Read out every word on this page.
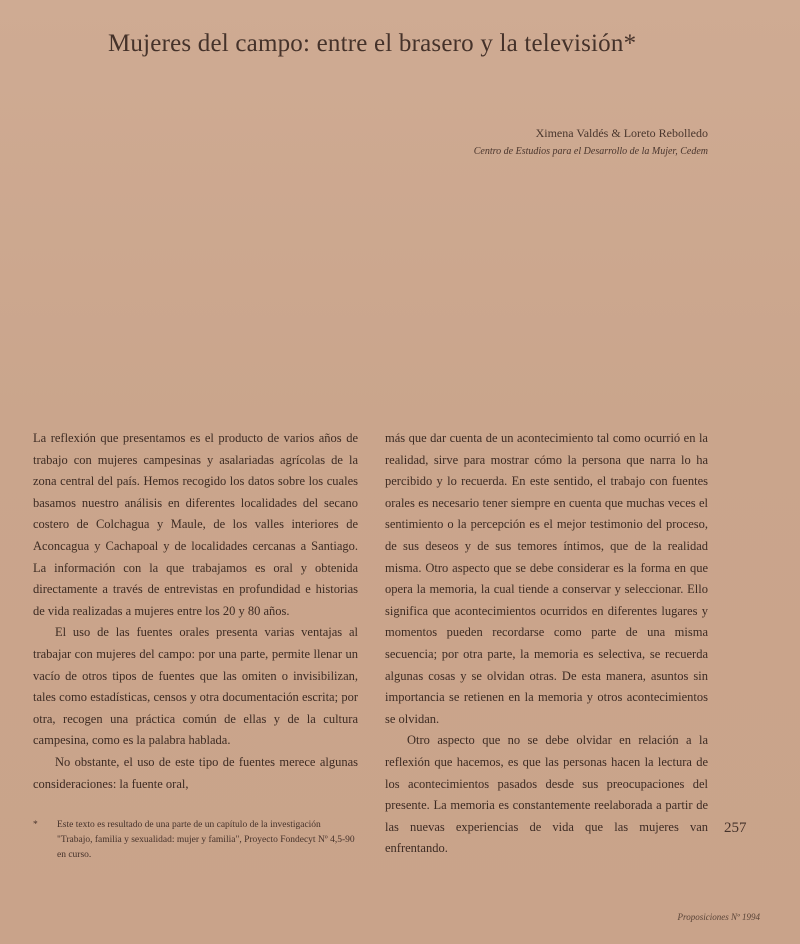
Mujeres del campo: entre el brasero y la televisión*
Ximena Valdés & Loreto Rebolledo
Centro de Estudios para el Desarrollo de la Mujer, Cedem

La reflexión que presentamos es el producto de varios años de trabajo con mujeres campesinas y asalariadas agrícolas de la zona central del país. Hemos recogido los datos sobre los cuales basamos nuestro análisis en diferentes localidades del secano costero de Colchagua y Maule, de los valles interiores de Aconcagua y Cachapoal y de localidades cercanas a Santiago. La información con la que trabajamos es oral y obtenida directamente a través de entrevistas en profundidad e historias de vida realizadas a mujeres entre los 20 y 80 años.

El uso de las fuentes orales presenta varias ventajas al trabajar con mujeres del campo: por una parte, permite llenar un vacío de otros tipos de fuentes que las omiten o invisibilizan, tales como estadísticas, censos y otra documentación escrita; por otra, recogen una práctica común de ellas y de la cultura campesina, como es la palabra hablada.

No obstante, el uso de este tipo de fuentes merece algunas consideraciones: la fuente oral,

más que dar cuenta de un acontecimiento tal como ocurrió en la realidad, sirve para mostrar cómo la persona que narra lo ha percibido y lo recuerda. En este sentido, el trabajo con fuentes orales es necesario tener siempre en cuenta que muchas veces el sentimiento o la percepción es el mejor testimonio del proceso, de sus deseos y de sus temores íntimos, que de la realidad misma. Otro aspecto que se debe considerar es la forma en que opera la memoria, la cual tiende a conservar y seleccionar. Ello significa que acontecimientos ocurridos en diferentes lugares y momentos pueden recordarse como parte de una misma secuencia; por otra parte, la memoria es selectiva, se recuerda algunas cosas y se olvidan otras. De esta manera, asuntos sin importancia se retienen en la memoria y otros acontecimientos se olvidan.

Otro aspecto que no se debe olvidar en relación a la reflexión que hacemos, es que las personas hacen la lectura de los acontecimientos pasados desde sus preocupaciones del presente. La memoria es constantemente reelaborada a partir de las nuevas experiencias de vida que las mujeres van enfrentando.

* Este texto es resultado de una parte de un capítulo de la investigación "Trabajo, familia y sexualidad: mujer y familia", Proyecto Fondecyt Nº 4,5-90 en curso.
257
Proposiciones Nº 1994
